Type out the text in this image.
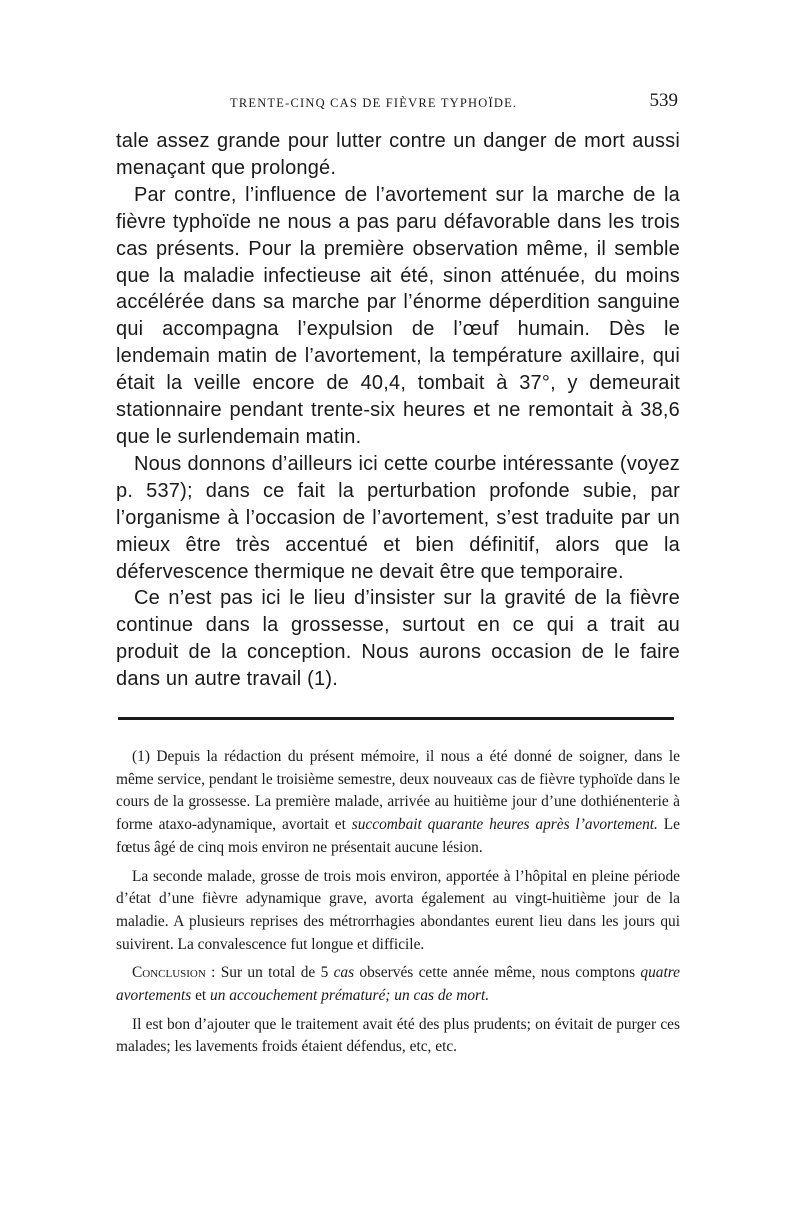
TRENTE-CINQ CAS DE FIÈVRE TYPHOÏDE.	539

tale assez grande pour lutter contre un danger de mort aussi menaçant que prolongé.

Par contre, l’influence de l’avortement sur la marche de la fièvre typhoïde ne nous a pas paru défavorable dans les trois cas présents. Pour la première observation même, il semble que la maladie infectieuse ait été, sinon atténuée, du moins accélérée dans sa marche par l’énorme déperdition sanguine qui accompagna l’expulsion de l’œuf humain. Dès le lendemain matin de l’avortement, la température axillaire, qui était la veille encore de 40,4, tombait à 37°, y demeurait stationnaire pendant trente-six heures et ne remontait à 38,6 que le surlendemain matin.

Nous donnons d’ailleurs ici cette courbe intéressante (voyez p. 537); dans ce fait la perturbation profonde subie, par l’organisme à l’occasion de l’avortement, s’est traduite par un mieux être très accentué et bien définitif, alors que la défervescence thermique ne devait être que temporaire.

Ce n’est pas ici le lieu d’insister sur la gravité de la fièvre continue dans la grossesse, surtout en ce qui a trait au produit de la conception. Nous aurons occasion de le faire dans un autre travail (1).

(1) Depuis la rédaction du présent mémoire, il nous a été donné de soigner, dans le même service, pendant le troisième semestre, deux nouveaux cas de fièvre typhoïde dans le cours de la grossesse. La première malade, arrivée au huitième jour d’une dothiénenterie à forme ataxo-adynamique, avortait et succombait quarante heures après l’avortement. Le fœtus âgé de cinq mois environ ne présentait aucune lésion.

La seconde malade, grosse de trois mois environ, apportée à l’hôpital en pleine période d’état d’une fièvre adynamique grave, avorta également au vingt-huitième jour de la maladie. A plusieurs reprises des métrorrhagies abondantes eurent lieu dans les jours qui suivirent. La convalescence fut longue et difficile.

Conclusion : Sur un total de 5 cas observés cette année même, nous comptons quatre avortements et un accouchement prématuré; un cas de mort.

Il est bon d’ajouter que le traitement avait été des plus prudents; on évitait de purger ces malades; les lavements froids étaient défendus, etc, etc.
